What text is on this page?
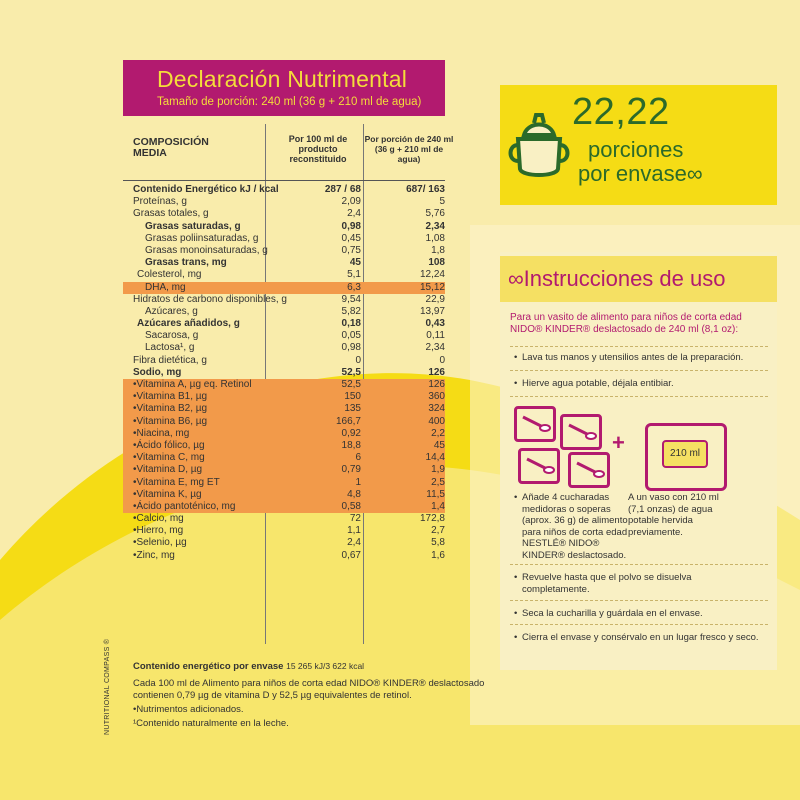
NUTRITIONAL COMPASS ®
Declaración Nutrimental
Tamaño de porción: 240 ml (36 g + 210 ml de agua)
COMPOSICIÓN MEDIA
Por 100 ml de producto reconstituido
Por porción de 240 ml (36 g + 210 ml de agua)
Contenido Energético kJ / kcal	287 / 68	687/ 163
Proteínas, g	2,09	5
Grasas totales, g	2,4	5,76
Grasas saturadas, g	0,98	2,34
Grasas poliinsaturadas, g	0,45	1,08
Grasas monoinsaturadas, g	0,75	1,8
Grasas trans, mg	45	108
Colesterol, mg	5,1	12,24
DHA, mg	6,3	15,12
Hidratos de carbono disponibles, g	9,54	22,9
Azúcares, g	5,82	13,97
Azúcares añadidos, g	0,18	0,43
Sacarosa, g	0,05	0,11
Lactosa¹, g	0,98	2,34
Fibra dietética, g	0	0
Sodio, mg	52,5	126
•Vitamina A, µg eq. Retinol	52,5	126
•Vitamina B1, µg	150	360
•Vitamina B2, µg	135	324
•Vitamina B6, µg	166,7	400
•Niacina, mg	0,92	2,2
•Ácido fólico, µg	18,8	45
•Vitamina C, mg	6	14,4
•Vitamina D, µg	0,79	1,9
•Vitamina E, mg ET	1	2,5
•Vitamina K, µg	4,8	11,5
•Ácido pantoténico, mg	0,58	1,4
•Calcio, mg	72	172,8
•Hierro, mg	1,1	2,7
•Selenio, µg	2,4	5,8
•Zinc, mg	0,67	1,6
Contenido energético por envase 15 265 kJ/3 622 kcal
Cada 100 ml de Alimento para niños de corta edad NIDO® KINDER® deslactosado
contienen 0,79 µg de vitamina D y 52,5 µg equivalentes de retinol.
•Nutrimentos adicionados.
¹Contenido naturalmente en la leche.
22,22
porciones
por envase∞
∞Instrucciones de uso
Para un vasito de alimento para niños de corta edad NIDO® KINDER® deslactosado de 240 ml (8,1 oz):
• Lava tus manos y utensilios antes de la preparación.
• Hierve agua potable, déjala entibiar.
• Añade 4 cucharadas medidoras o soperas (aprox. 36 g) de alimento para niños de corta edad NESTLÉ® NIDO® KINDER® deslactosado.
A un vaso con 210 ml (7,1 onzas) de agua potable hervida previamente.
• Revuelve hasta que el polvo se disuelva completamente.
• Seca la cucharilla y guárdala en el envase.
• Cierra el envase y consérvalo en un lugar fresco y seco.
+	210 ml
